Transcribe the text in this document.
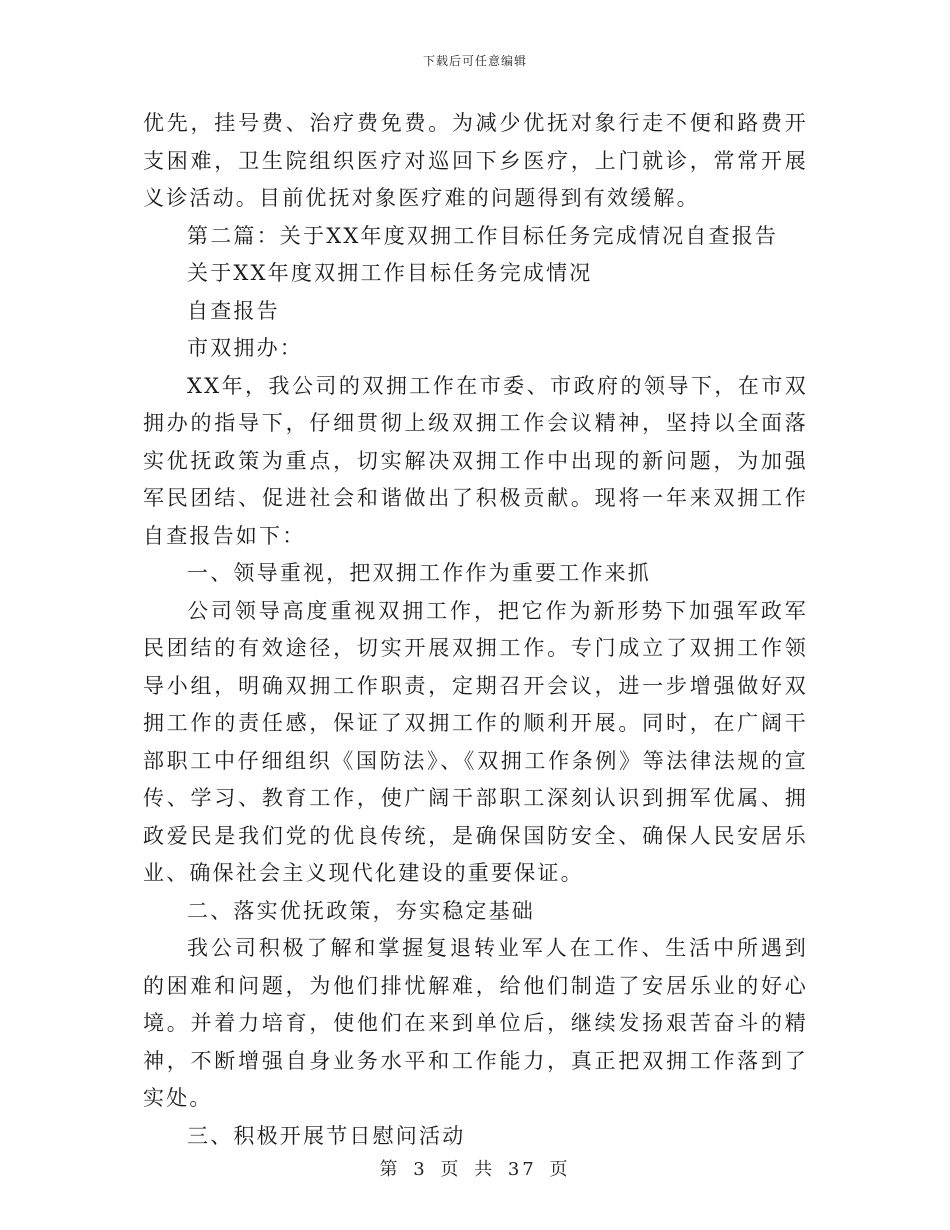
下载后可任意编辑

优先，挂号费、治疗费免费。为减少优抚对象行走不便和路费开支困难，卫生院组织医疗对巡回下乡医疗，上门就诊，常常开展义诊活动。目前优抚对象医疗难的问题得到有效缓解。

第二篇：关于XX年度双拥工作目标任务完成情况自查报告

关于XX年度双拥工作目标任务完成情况

自查报告

市双拥办：

XX年，我公司的双拥工作在市委、市政府的领导下，在市双拥办的指导下，仔细贯彻上级双拥工作会议精神，坚持以全面落实优抚政策为重点，切实解决双拥工作中出现的新问题，为加强军民团结、促进社会和谐做出了积极贡献。现将一年来双拥工作自查报告如下：

一、领导重视，把双拥工作作为重要工作来抓

公司领导高度重视双拥工作，把它作为新形势下加强军政军民团结的有效途径，切实开展双拥工作。专门成立了双拥工作领导小组，明确双拥工作职责，定期召开会议，进一步增强做好双拥工作的责任感，保证了双拥工作的顺利开展。同时，在广阔干部职工中仔细组织《国防法》、《双拥工作条例》等法律法规的宣传、学习、教育工作，使广阔干部职工深刻认识到拥军优属、拥政爱民是我们党的优良传统，是确保国防安全、确保人民安居乐业、确保社会主义现代化建设的重要保证。

二、落实优抚政策，夯实稳定基础

我公司积极了解和掌握复退转业军人在工作、生活中所遇到的困难和问题，为他们排忧解难，给他们制造了安居乐业的好心境。并着力培育，使他们在来到单位后，继续发扬艰苦奋斗的精神，不断增强自身业务水平和工作能力，真正把双拥工作落到了实处。

三、积极开展节日慰问活动

第 3 页 共 37 页
